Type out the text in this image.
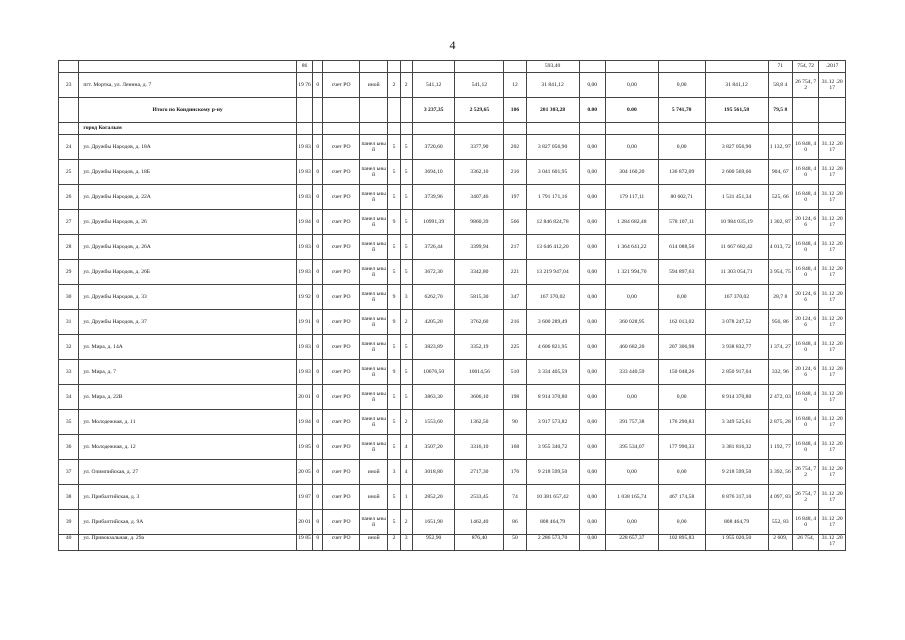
4
		86									593,40					71	754, 72	.2017
23	пгт. Мортка, ул. Ленина, д. 7	19 76	0	счет РО	иной	2	2	541,12	541,12	12	31 841,12	0,00	0,00	0,00	31 841,12	58,8 4	26 754, 72	31.12 .2017
	Итого по Кондинскому р-ну							3 237,35	2 529,65	106	201 303,28	0.00	0.00	5 741,70	195 561,58	79,5 8		
	город Когалым																	
24	ул. Дружбы Народов, д. 18А	19 83	0	счет РО	панел ьный	5	5	3720,60	3377,90	202	3 827 056,90	0,00	0,00	0,00	3 827 056,90	1 132, 97	16 848, 40	31.12 .2017
25	ул. Дружбы Народов, д. 18Б	19 83	0	счет РО	панел ьный	5	5	3694,10	3362,10	216	3 041 601,95	0,00	304 160,20	136 872,09	2 600 569,66	904, 67	16 848, 40	31.12 .2017
26	ул. Дружбы Народов, д. 22А	19 83	0	счет РО	панел ьный	5	5	3739,96	3407,46	197	1 791 171,16	0,00	179 117,11	80 602,71	1 531 451,34	525, 66	16 848, 40	31.12 .2017
27	ул. Дружбы Народов, д. 26	19 84	0	счет РО	панел ьный	9	5	10991,39	9860,39	566	12 846 824,78	0,00	1 284 682,48	578 107,11	10 984 035,19	1 302, 87	20 124, 66	31.12 .2017
28	ул. Дружбы Народов, д. 26А	19 83	0	счет РО	панел ьный	5	5	3726,44	3399,94	217	13 646 412,20	0,00	1 364 641,22	614 088,56	11 667 682,42	4 013, 72	16 848, 40	31.12 .2017
29	ул. Дружбы Народов, д. 26Б	19 83	0	счет РО	панел ьный	5	5	3672,30	3342,80	221	13 219 947,04	0,00	1 321 994,70	594 897,63	11 303 054,71	3 954, 75	16 848, 40	31.12 .2017
30	ул. Дружбы Народов, д. 33	19 92	0	счет РО	панел ьный	9	3	6262,70	5815,30	347	167 370,02	0,00	0,00	0,00	167 370,02	28,7 8	20 124, 66	31.12 .2017
31	ул. Дружбы Народов, д. 37	19 91	0	счет РО	панел ьный	9	2	4205,20	3762,60	216	3 600 289,49	0,00	360 028,95	162 013,02	3 078 247,52	956, 86	20 124, 66	31.12 .2017
32	ул. Мира, д. 14А	19 83	0	счет РО	панел ьный	5	5	3823,89	3352,19	225	4 606 821,95	0,00	460 682,20	207 306,98	3 938 832,77	1 374, 27	16 848, 40	31.12 .2017
33	ул. Мира, д. 7	19 83	0	счет РО	панел ьный	9	5	10676,50	10014,56	510	3 334 405,59	0,00	333 440,59	150 048,26	2 850 917,04	332, 96	20 124, 66	31.12 .2017
34	ул. Мира, д. 22В	20 01	0	счет РО	панел ьный	5	5	3863,30	3606,10	198	8 914 370,80	0,00	0,00	0,00	8 914 370,80	2 472, 03	16 848, 40	31.12 .2017
35	ул. Молодежная, д. 11	19 84	0	счет РО	панел ьный	5	2	1553,60	1362,50	90	3 917 573,82	0,00	391 757,38	176 290,83	3 349 525,61	2 875, 28	16 848, 40	31.12 .2017
36	ул. Молодежная, д. 12	19 85	0	счет РО	панел ьный	5	4	3507,20	3316,10	168	3 955 340,72	0,00	395 534,07	177 990,33	3 381 816,32	1 192, 77	16 848, 40	31.12 .2017
37	ул. Олимпийская, д. 27	20 05	0	счет РО	иной	3	4	3018,80	2717,30	176	9 218 599,50	0,00	0,00	0,00	9 218 599,50	3 392, 56	26 754, 72	31.12 .2017
38	ул. Прибалтийская, д. 3	19 87	0	счет РО	иной	5	1	2852,20	2533,45	74	10 381 657,42	0,00	1 038 165,74	467 174,58	8 876 317,10	4 097, 83	26 754, 72	31.12 .2017
39	ул. Прибалтийская, д. 9А	20 01	0	счет РО	панел ьный	5	2	1651,90	1462,40	86	808 464,79	0,00	0,00	0,00	808 464,79	552, 83	16 848, 40	31.12 .2017
40	ул. Привокзальная, д. 29а	19 85	0	счет РО	иной	2	3	952,90	876,40	50	2 286 573,70	0,00	228 657,37	102 895,83	1 955 020,50	2 609,	26 754,	31.12 .2017
